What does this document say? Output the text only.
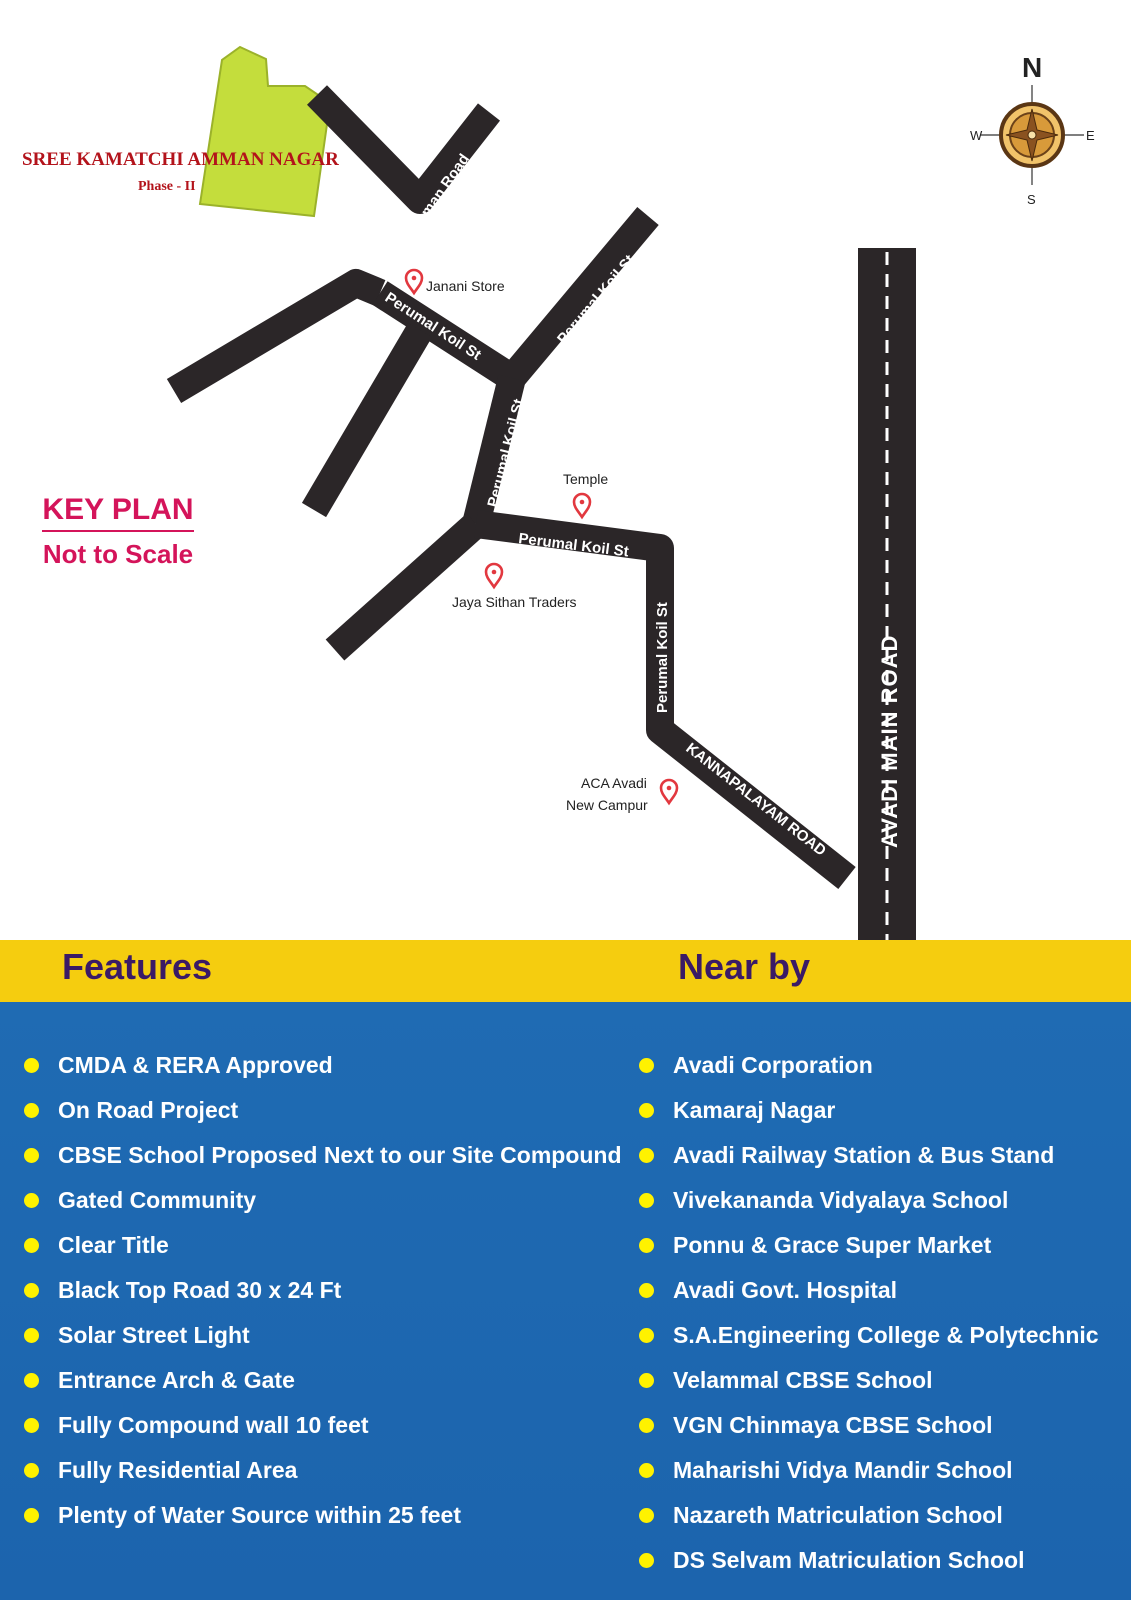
SREE KAMATCHI AMMAN NAGAR
Phase - II	Kaliamman Road
Perumal Koil St	Perumal Koil St
Perumal Koil St
Perumal Koil St
Perumal Koil St
KANNAPALAYAM ROAD AVADI MAIN ROAD
Janani Store
Temple
Jaya Sithan Traders
ACA Avadi
New Campur
N
S
E
W
KEY PLAN
Not to Scale
Features	Near by
CMDA & RERA Approved
On Road Project
CBSE School Proposed Next to our Site Compound
Gated Community
Clear Title
Black Top Road 30 x 24 Ft
Solar Street Light
Entrance Arch & Gate
Fully Compound wall 10 feet
Fully Residential Area
Plenty of Water Source within 25 feet
Avadi Corporation
Kamaraj Nagar
Avadi Railway Station & Bus Stand
Vivekananda Vidyalaya School
Ponnu & Grace Super Market
Avadi Govt. Hospital
S.A.Engineering College & Polytechnic
Velammal CBSE School
VGN Chinmaya CBSE School
Maharishi Vidya Mandir School
Nazareth Matriculation School
DS Selvam Matriculation School
